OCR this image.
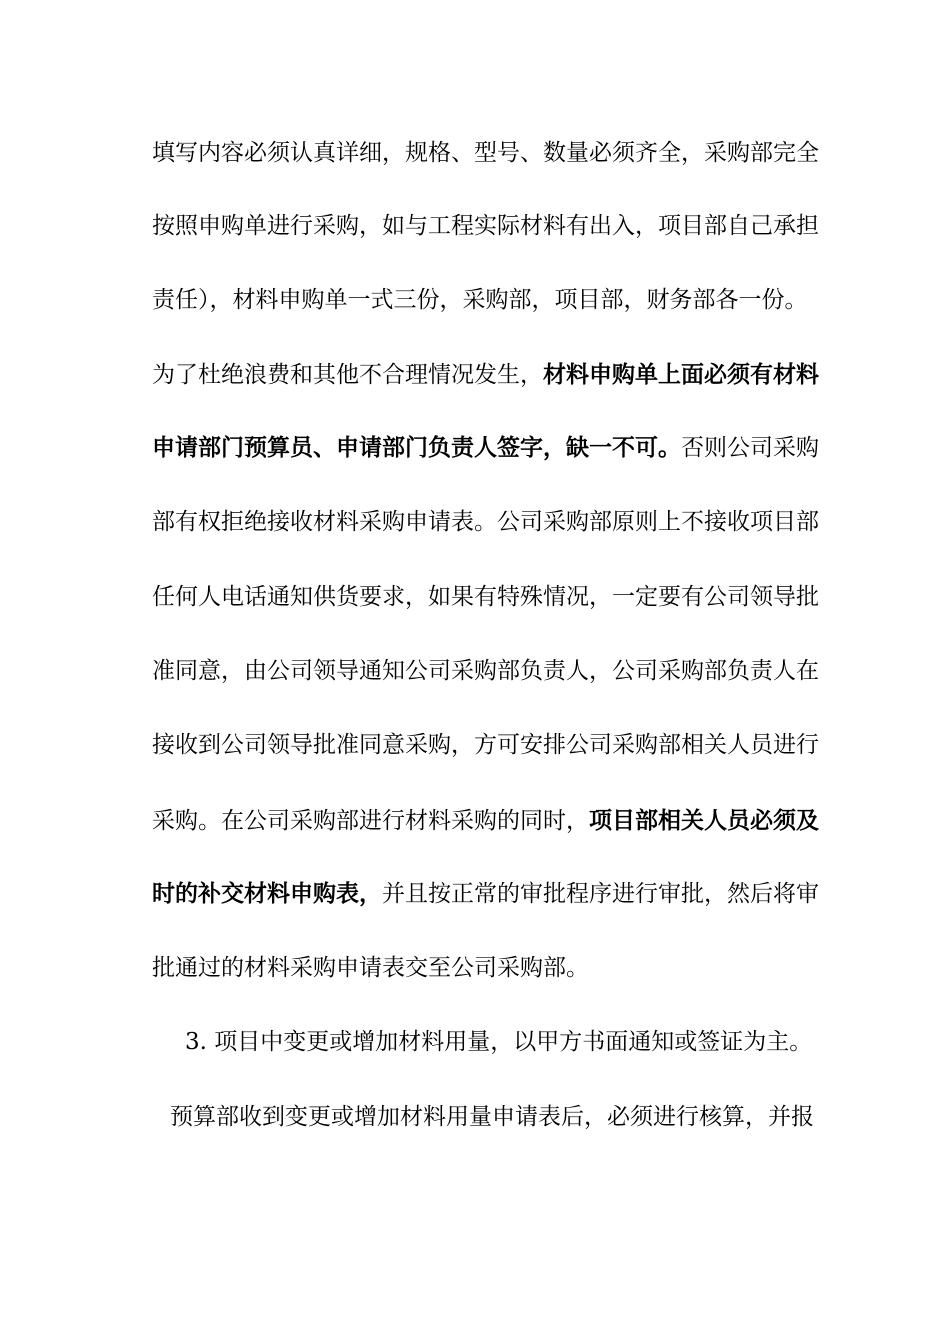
填写内容必须认真详细，规格、型号、数量必须齐全，采购部完全
按照申购单进行采购，如与工程实际材料有出入，项目部自己承担
责任），材料申购单一式三份，采购部，项目部，财务部各一份。
为了杜绝浪费和其他不合理情况发生，材料申购单上面必须有材料
申请部门预算员、申请部门负责人签字，缺一不可。否则公司采购
部有权拒绝接收材料采购申请表。公司采购部原则上不接收项目部
任何人电话通知供货要求，如果有特殊情况，一定要有公司领导批
准同意，由公司领导通知公司采购部负责人，公司采购部负责人在
接收到公司领导批准同意采购，方可安排公司采购部相关人员进行
采购。在公司采购部进行材料采购的同时，项目部相关人员必须及
时的补交材料申购表，并且按正常的审批程序进行审批，然后将审
批通过的材料采购申请表交至公司采购部。
3. 项目中变更或增加材料用量，以甲方书面通知或签证为主。
预算部收到变更或增加材料用量申请表后，必须进行核算，并报
